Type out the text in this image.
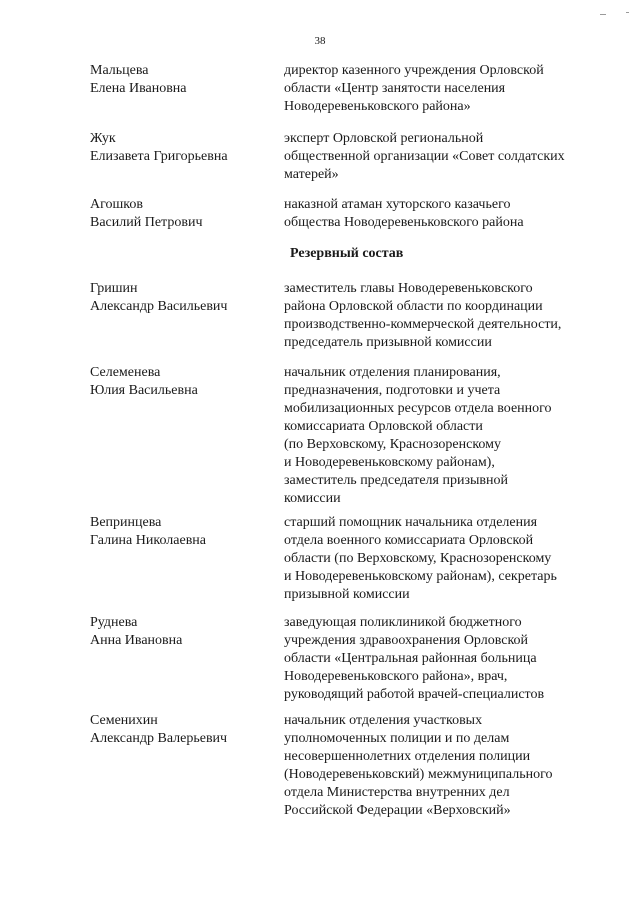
38
Мальцева
Елена Ивановна
директор казенного учреждения Орловской
области «Центр занятости населения
Новодеревеньковского района»
Жук
Елизавета Григорьевна
эксперт Орловской региональной
общественной организации «Совет солдатских
матерей»
Агошков
Василий Петрович
наказной атаман хуторского казачьего
общества Новодеревеньковского района
Резервный состав
Гришин
Александр Васильевич
заместитель главы Новодеревеньковского
района Орловской области по координации
производственно-коммерческой деятельности,
председатель призывной комиссии
Селеменева
Юлия Васильевна
начальник отделения планирования,
предназначения, подготовки и учета
мобилизационных ресурсов отдела военного
комиссариата Орловской области
(по Верховскому, Краснозоренскому
и Новодеревеньковскому районам),
заместитель председателя призывной
комиссии
Вепринцева
Галина Николаевна
старший помощник начальника отделения
отдела военного комиссариата Орловской
области (по Верховскому, Краснозоренскому
и Новодеревеньковскому районам), секретарь
призывной комиссии
Руднева
Анна Ивановна
заведующая поликлиникой бюджетного
учреждения здравоохранения Орловской
области «Центральная районная больница
Новодеревеньковского района», врач,
руководящий работой врачей-специалистов
Семенихин
Александр Валерьевич
начальник отделения участковых
уполномоченных полиции и по делам
несовершеннолетних отделения полиции
(Новодеревеньковский) межмуниципального
отдела Министерства внутренних дел
Российской Федерации «Верховский»
